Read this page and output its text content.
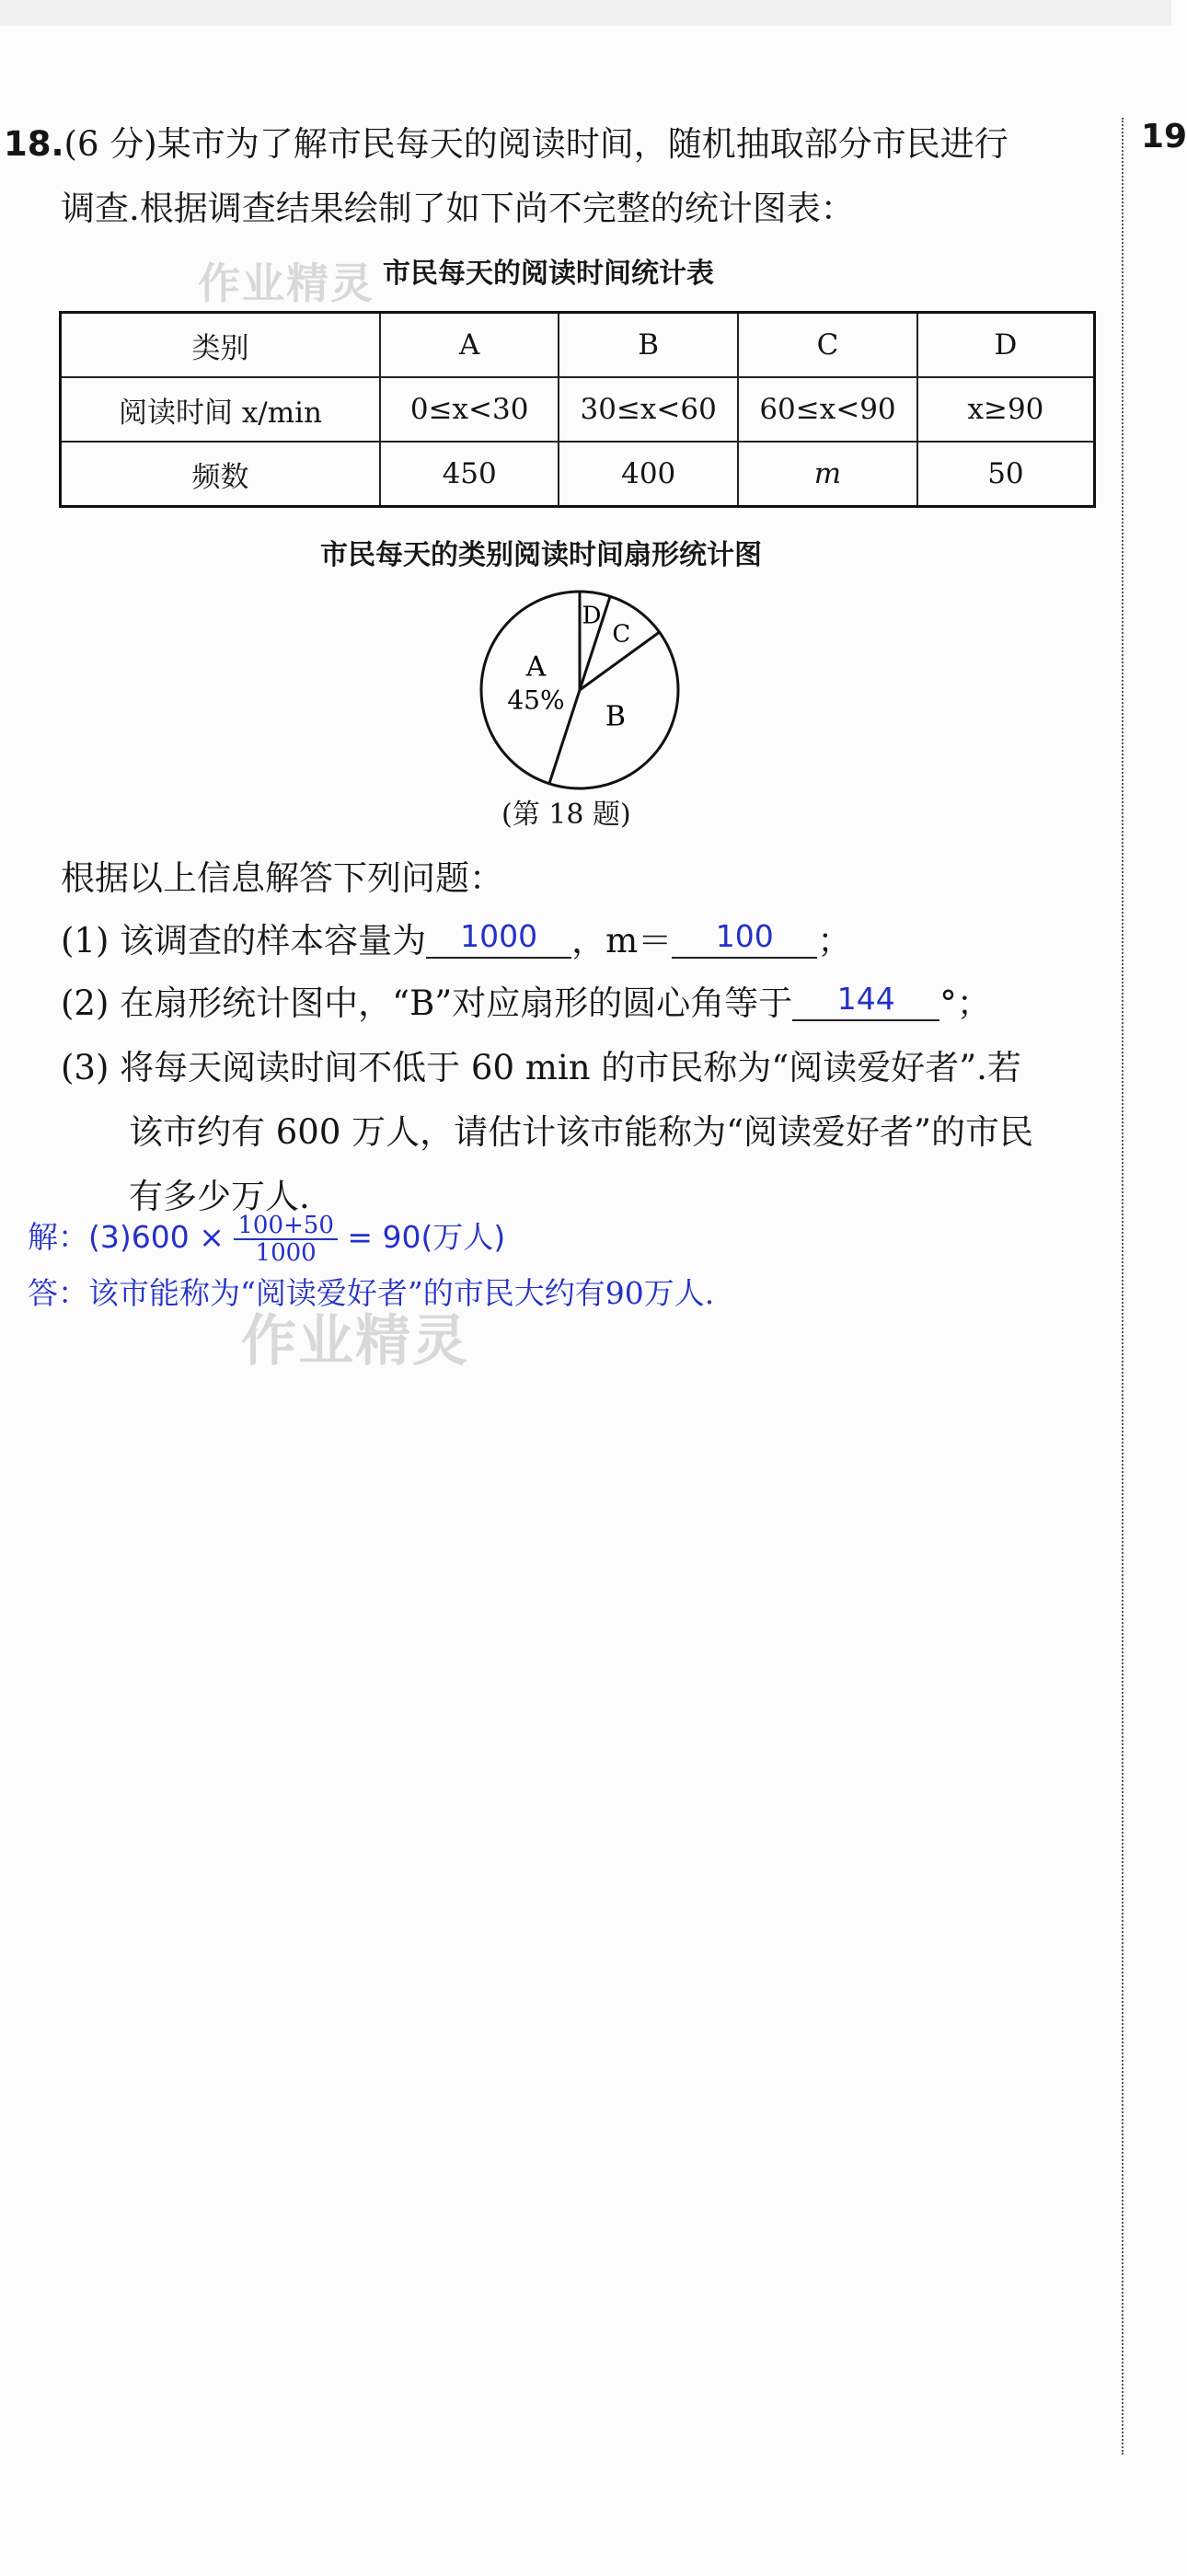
18.(6 分)某市为了解市民每天的阅读时间，随机抽取部分市民进行
调查.根据调查结果绘制了如下尚不完整的统计图表：
19
作业精灵 市民每天的阅读时间统计表
类别	A	B	C	D
阅读时间 x/min	0≤x<30	30≤x<60	60≤x<90	x≥90
频数	450	400	m	50
市民每天的类别阅读时间扇形统计图
D
C
B
A
45%
(第 18 题)
根据以上信息解答下列问题：
(1) 该调查的样本容量为 1000 ，m＝ 100 ；
(2) 在扇形统计图中，“B”对应扇形的圆心角等于 144 °；
(3) 将每天阅读时间不低于 60 min 的市民称为“阅读爱好者”.若
该市约有 600 万人，请估计该市能称为“阅读爱好者”的市民
有多少万人.
解：$(3)600 \times \frac{100+50}{1000} = 90$(万人)
答：该市能称为“阅读爱好者”的市民大约有90万人.
作业精灵
